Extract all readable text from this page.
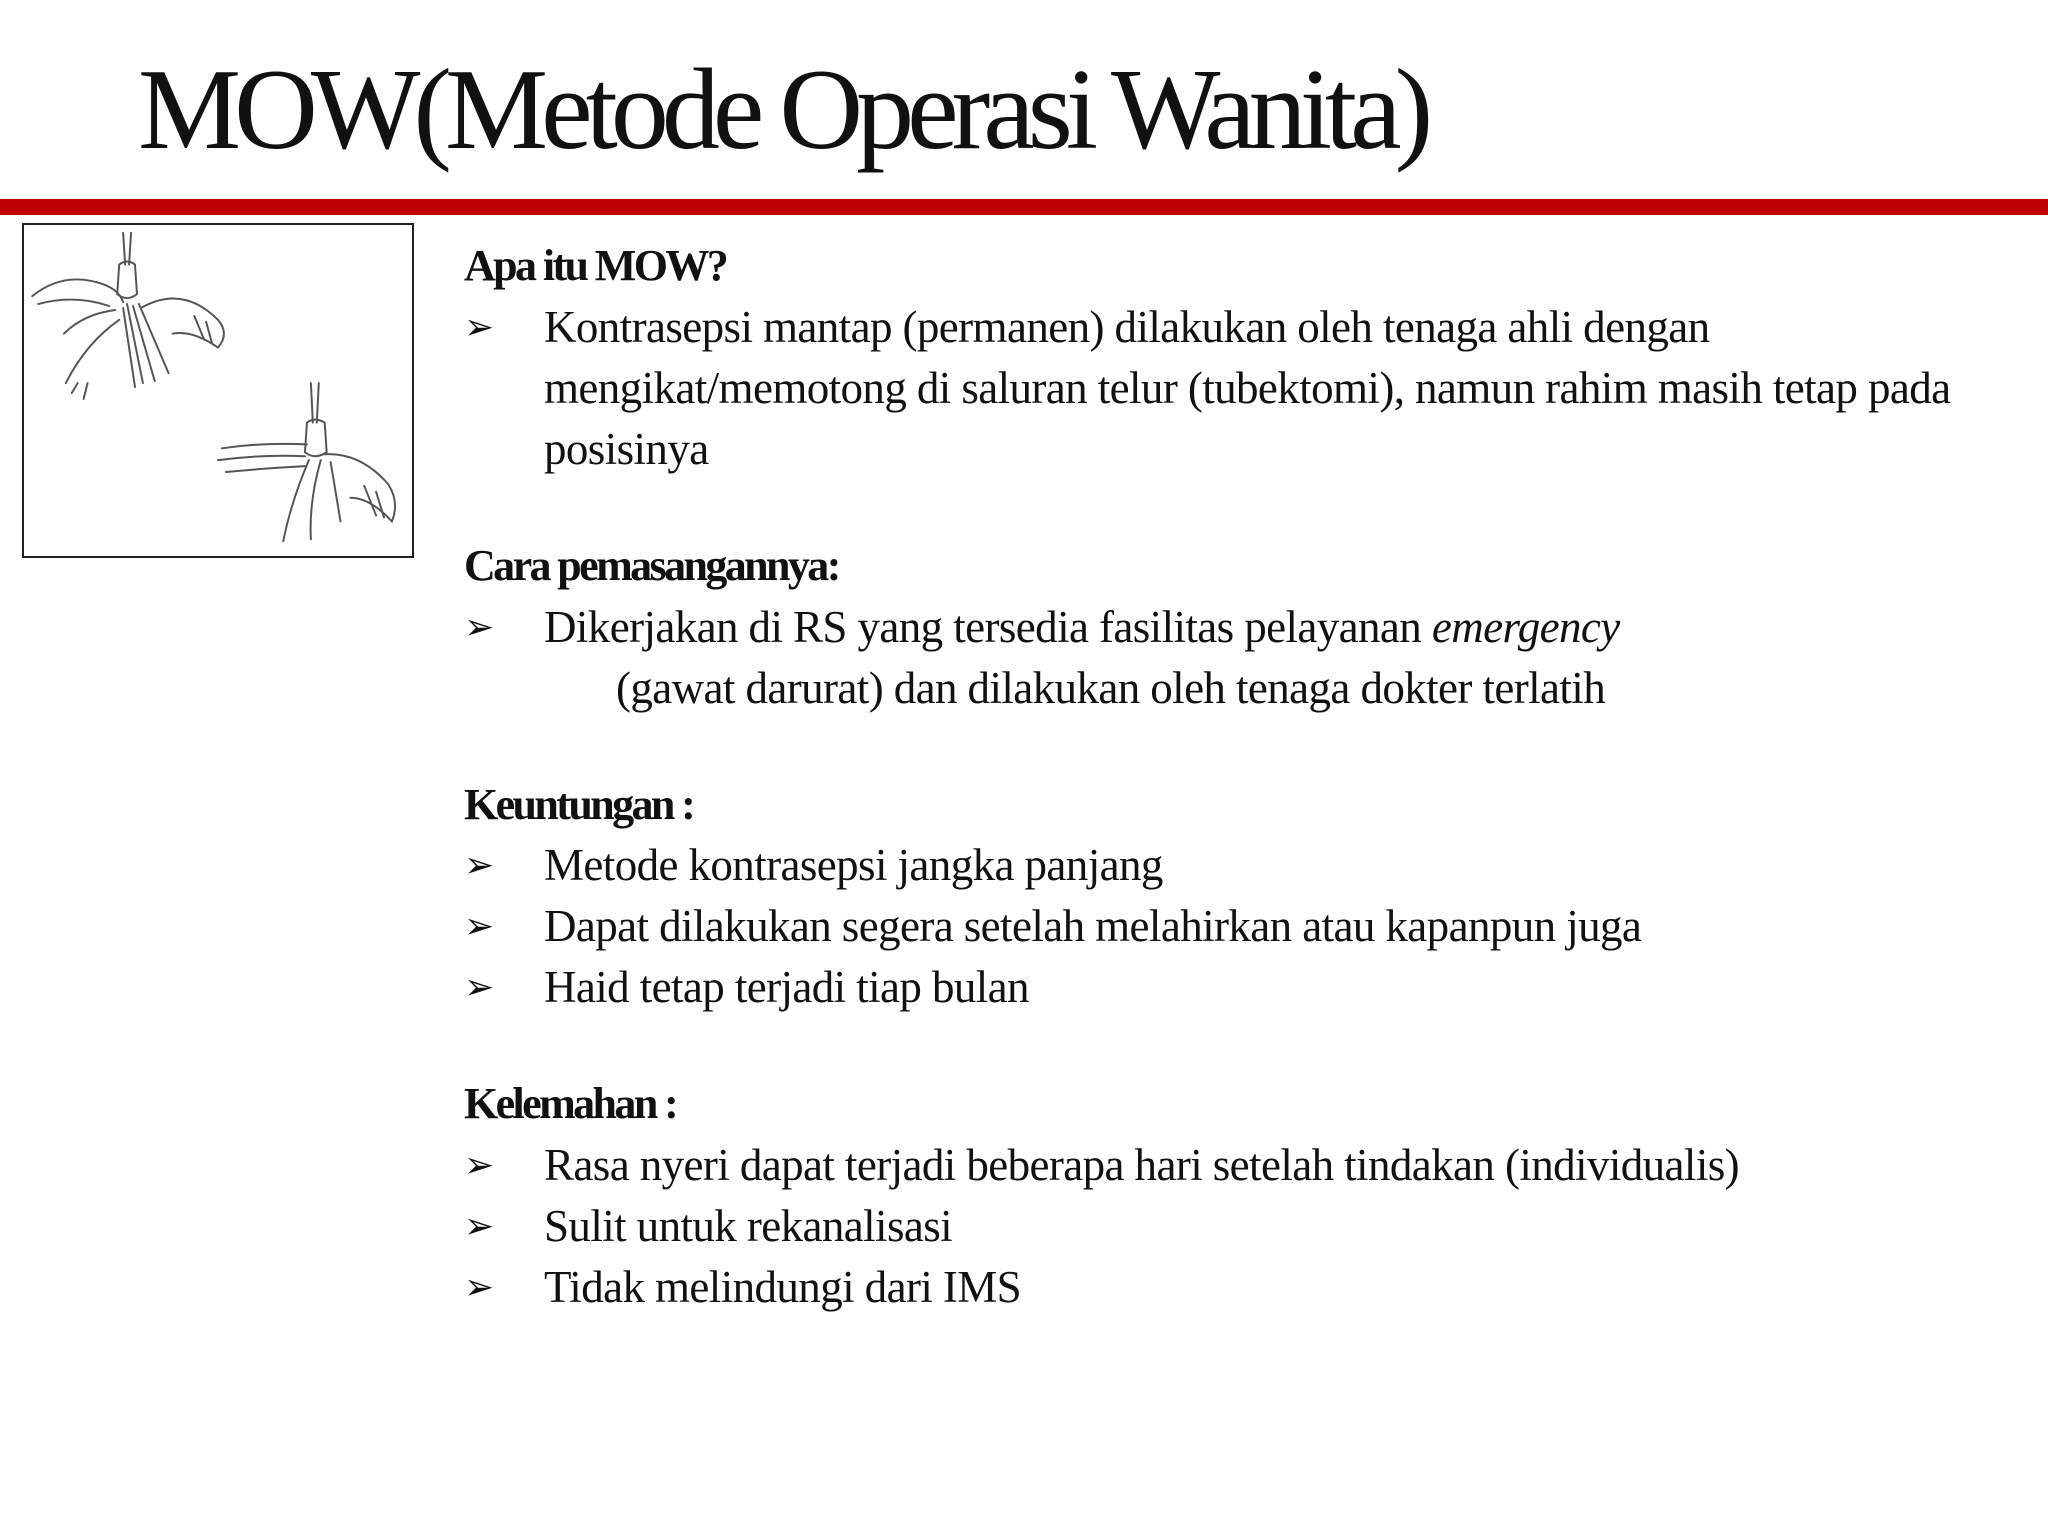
MOW(Metode Operasi Wanita)
Apa itu MOW?
➢ Kontrasepsi mantap (permanen) dilakukan oleh tenaga ahli dengan mengikat/memotong di saluran telur (tubektomi), namun rahim masih tetap pada posisinya
Cara pemasangannya:
➢ Dikerjakan di RS yang tersedia fasilitas pelayanan emergency
(gawat darurat) dan dilakukan oleh tenaga dokter terlatih
Keuntungan :
➢ Metode kontrasepsi jangka panjang
➢ Dapat dilakukan segera setelah melahirkan atau kapanpun juga
➢ Haid tetap terjadi tiap bulan
Kelemahan :
➢ Rasa nyeri dapat terjadi beberapa hari setelah tindakan (individualis)
➢ Sulit untuk rekanalisasi
➢ Tidak melindungi dari IMS
